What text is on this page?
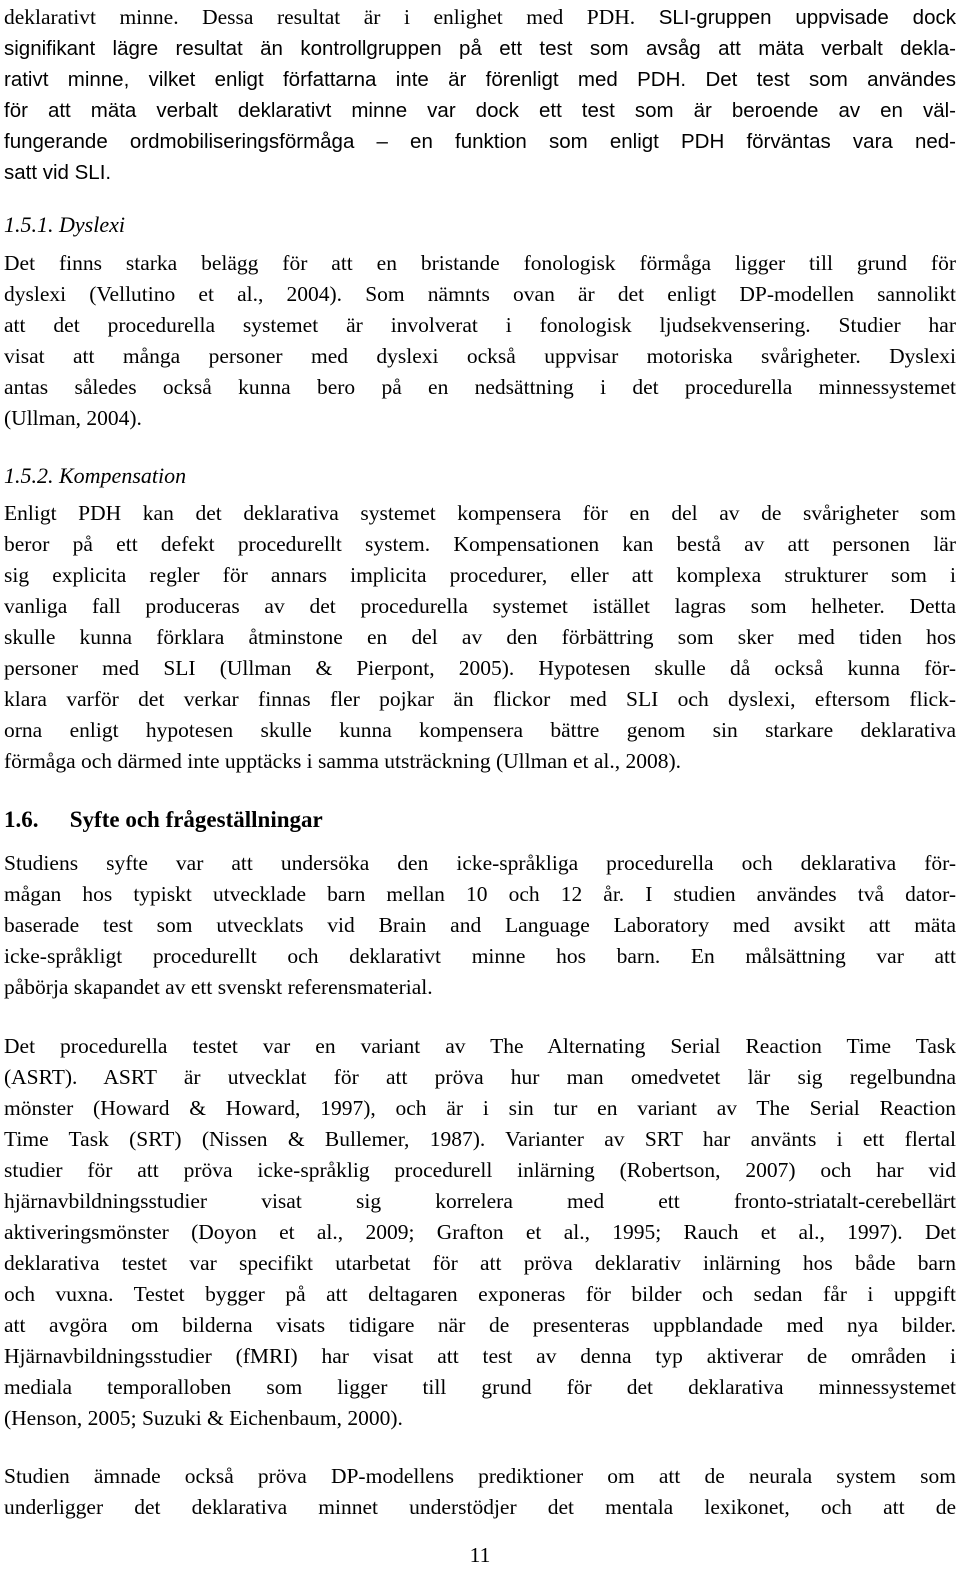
deklarativt minne. Dessa resultat är i enlighet med PDH. SLI-gruppen uppvisade dock
signifikant lägre resultat än kontrollgruppen på ett test som avsåg att mäta verbalt dekla-
rativt minne, vilket enligt författarna inte är förenligt med PDH. Det test som användes
för att mäta verbalt deklarativt minne var dock ett test som är beroende av en väl-
fungerande ordmobiliseringsförmåga – en funktion som enligt PDH förväntas vara ned-
satt vid SLI.
1.5.1. Dyslexi
Det finns starka belägg för att en bristande fonologisk förmåga ligger till grund för
dyslexi (Vellutino et al., 2004). Som nämnts ovan är det enligt DP-modellen sannolikt
att det procedurella systemet är involverat i fonologisk ljudsekvensering. Studier har
visat att många personer med dyslexi också uppvisar motoriska svårigheter. Dyslexi
antas således också kunna bero på en nedsättning i det procedurella minnessystemet
(Ullman, 2004).
1.5.2. Kompensation
Enligt PDH kan det deklarativa systemet kompensera för en del av de svårigheter som
beror på ett defekt procedurellt system. Kompensationen kan bestå av att personen lär
sig explicita regler för annars implicita procedurer, eller att komplexa strukturer som i
vanliga fall produceras av det procedurella systemet istället lagras som helheter. Detta
skulle kunna förklara åtminstone en del av den förbättring som sker med tiden hos
personer med SLI (Ullman & Pierpont, 2005). Hypotesen skulle då också kunna för-
klara varför det verkar finnas fler pojkar än flickor med SLI och dyslexi, eftersom flick-
orna enligt hypotesen skulle kunna kompensera bättre genom sin starkare deklarativa
förmåga och därmed inte upptäcks i samma utsträckning (Ullman et al., 2008).
1.6. Syfte och frågeställningar
Studiens syfte var att undersöka den icke-språkliga procedurella och deklarativa för-
mågan hos typiskt utvecklade barn mellan 10 och 12 år. I studien användes två dator-
baserade test som utvecklats vid Brain and Language Laboratory med avsikt att mäta
icke-språkligt procedurellt och deklarativt minne hos barn. En målsättning var att
påbörja skapandet av ett svenskt referensmaterial.
Det procedurella testet var en variant av The Alternating Serial Reaction Time Task
(ASRT). ASRT är utvecklat för att pröva hur man omedvetet lär sig regelbundna
mönster (Howard & Howard, 1997), och är i sin tur en variant av The Serial Reaction
Time Task (SRT) (Nissen & Bullemer, 1987). Varianter av SRT har använts i ett flertal
studier för att pröva icke-språklig procedurell inlärning (Robertson, 2007) och har vid
hjärnavbildningsstudier visat sig korrelera med ett fronto-striatalt-cerebellärt
aktiveringsmönster (Doyon et al., 2009; Grafton et al., 1995; Rauch et al., 1997). Det
deklarativa testet var specifikt utarbetat för att pröva deklarativ inlärning hos både barn
och vuxna. Testet bygger på att deltagaren exponeras för bilder och sedan får i uppgift
att avgöra om bilderna visats tidigare när de presenteras uppblandade med nya bilder.
Hjärnavbildningsstudier (fMRI) har visat att test av denna typ aktiverar de områden i
mediala temporalloben som ligger till grund för det deklarativa minnessystemet
(Henson, 2005; Suzuki & Eichenbaum, 2000).
Studien ämnade också pröva DP-modellens prediktioner om att de neurala system som
underligger det deklarativa minnet understödjer det mentala lexikonet, och att de
11
